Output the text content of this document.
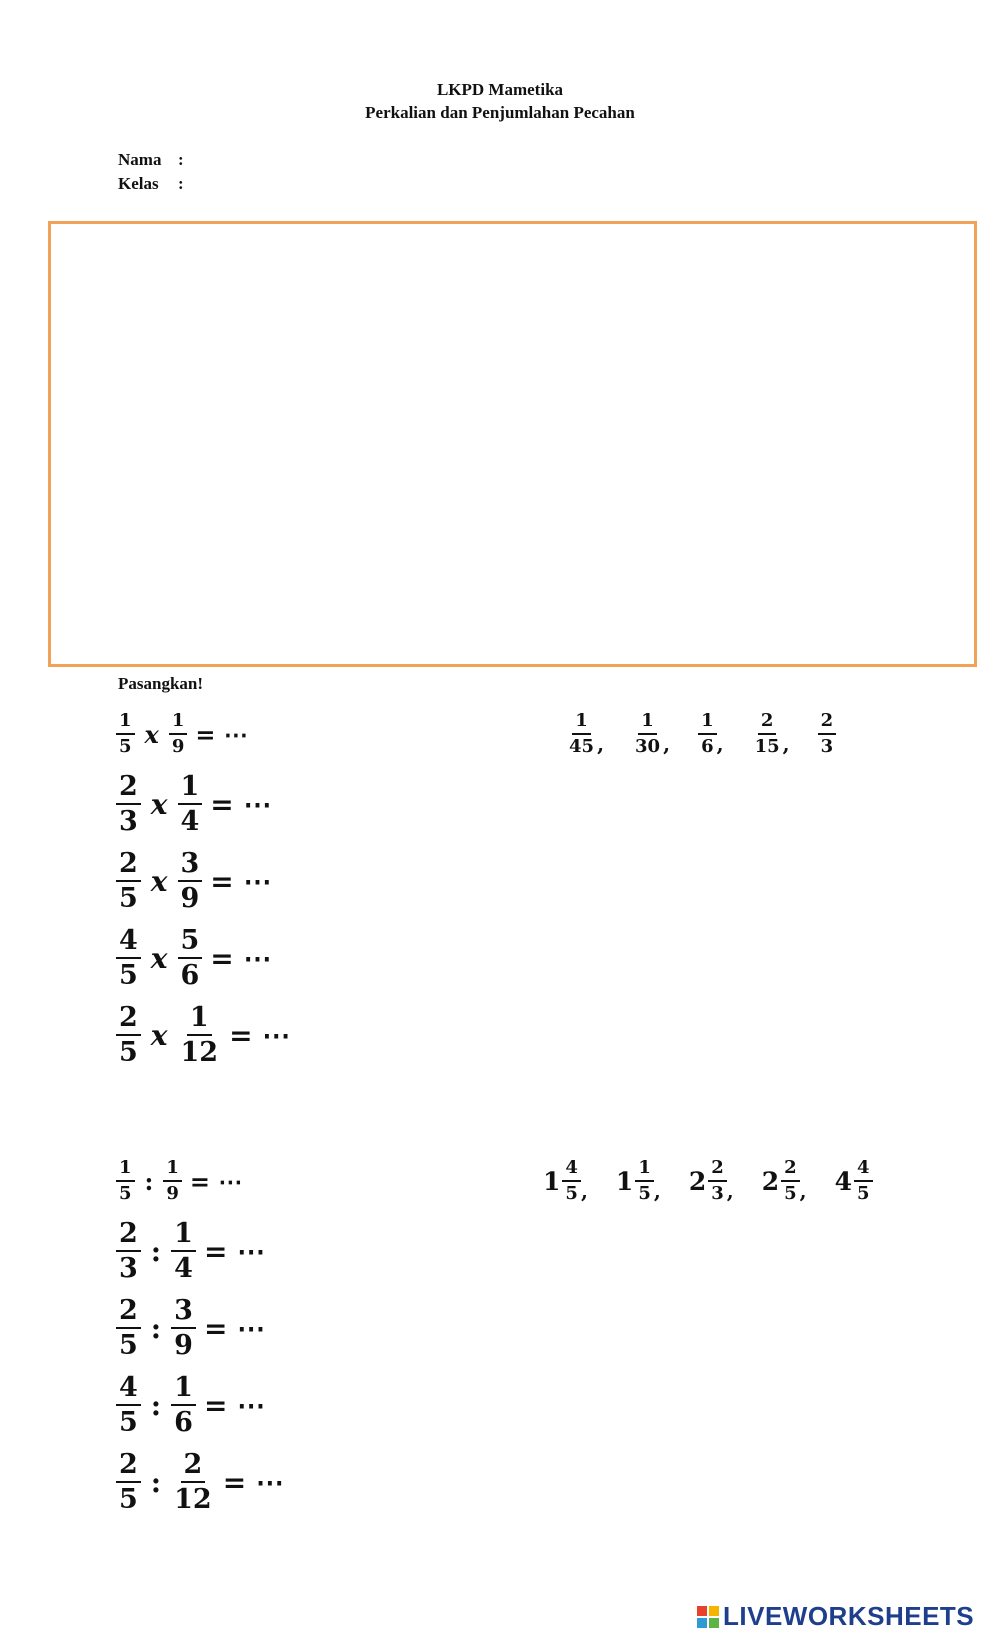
LKPD Mametika
Perkalian dan Penjumlahan Pecahan
Nama :
Kelas :
Pasangkan!
$\frac{1}{5}$ x $\frac{1}{9}$ = ⋯
$\frac{2}{3}$ x $\frac{1}{4}$ = ⋯
$\frac{2}{5}$ x $\frac{3}{9}$ = ⋯
$\frac{4}{5}$ x $\frac{5}{6}$ = ⋯
$\frac{2}{5}$ x $\frac{1}{12}$ = ⋯
$\frac{1}{45}$ , $\frac{1}{30}$ , $\frac{1}{6}$ , $\frac{2}{15}$ , $\frac{2}{3}$
$\frac{1}{5}$ : $\frac{1}{9}$ = ⋯
$\frac{2}{3}$ : $\frac{1}{4}$ = ⋯
$\frac{2}{5}$ : $\frac{3}{9}$ = ⋯
$\frac{4}{5}$ : $\frac{1}{6}$ = ⋯
$\frac{2}{5}$ : $\frac{2}{12}$ = ⋯
$1 \frac{4}{5}$ , $1 \frac{1}{5}$ , $2 \frac{2}{3}$ , $2 \frac{2}{5}$ , $4 \frac{4}{5}$
LIVEWORKSHEETS
